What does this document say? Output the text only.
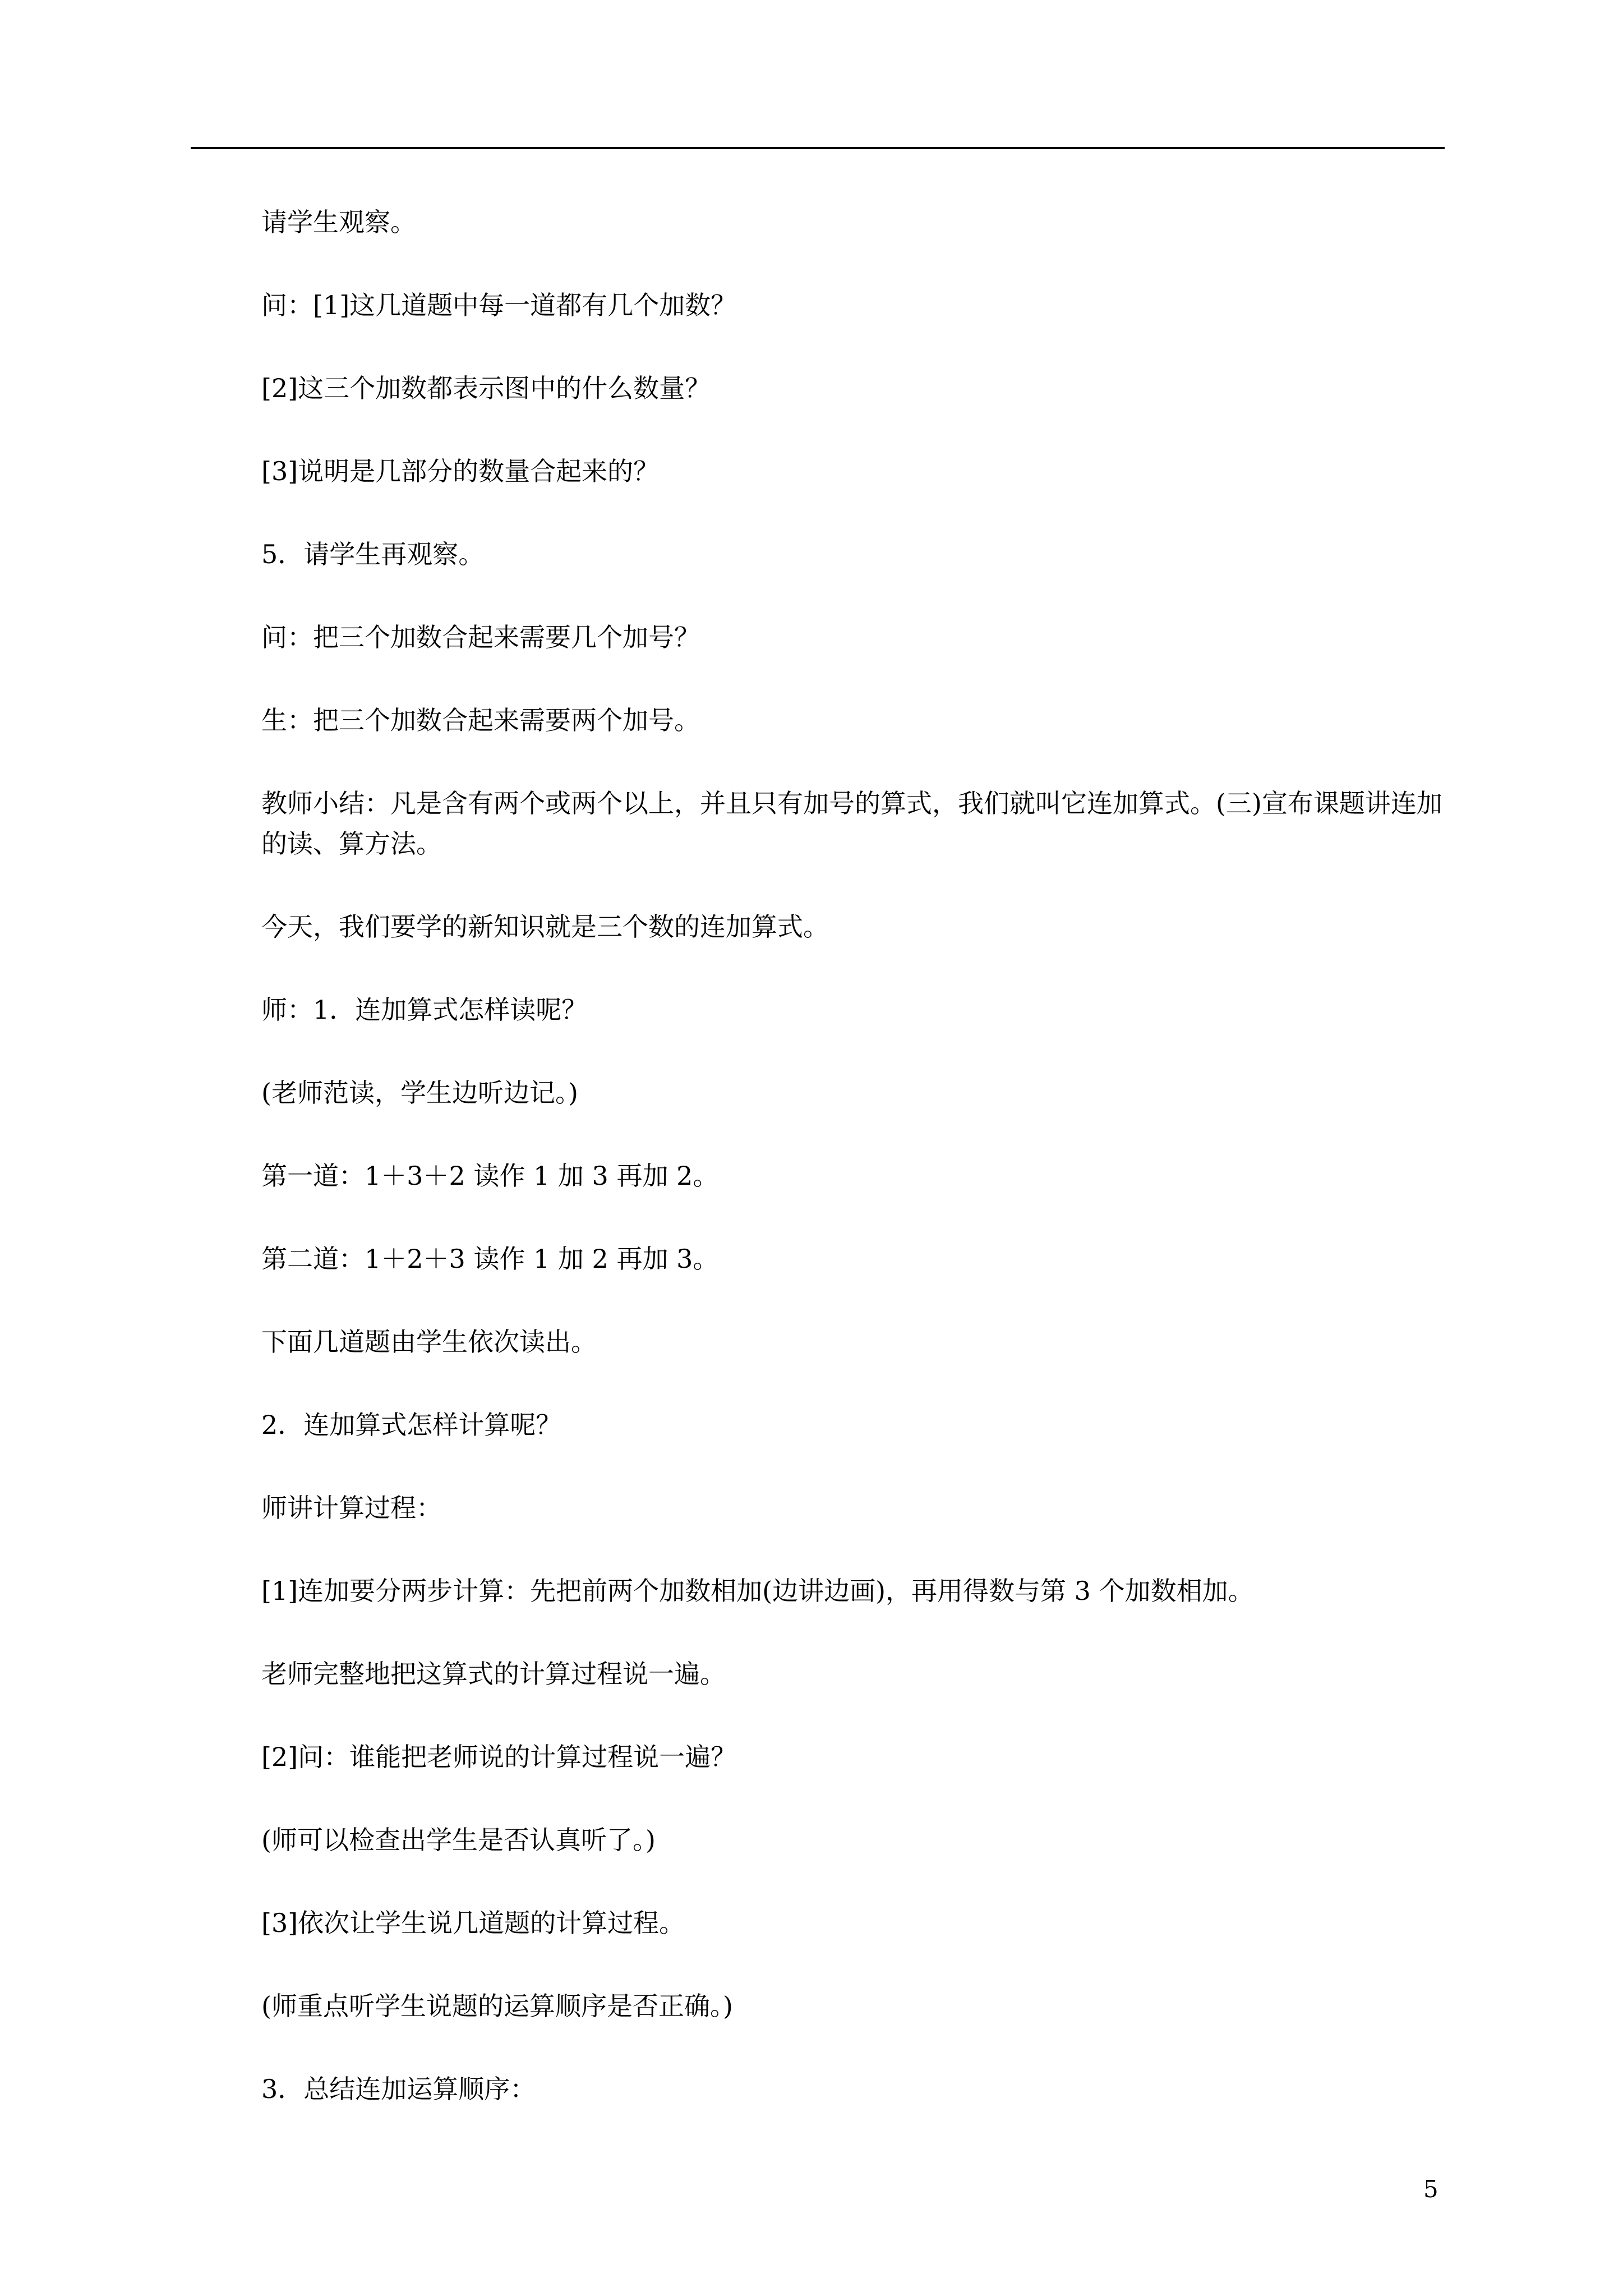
请学生观察。

问：[1]这几道题中每一道都有几个加数？

[2]这三个加数都表示图中的什么数量？

[3]说明是几部分的数量合起来的？

5．请学生再观察。

问：把三个加数合起来需要几个加号？

生：把三个加数合起来需要两个加号。

教师小结：凡是含有两个或两个以上，并且只有加号的算式，我们就叫它连加算式。(三)宣布课题讲连加的读、算方法。

今天，我们要学的新知识就是三个数的连加算式。

师：1．连加算式怎样读呢？

(老师范读，学生边听边记。)

第一道：1＋3＋2 读作 1 加 3 再加 2。

第二道：1＋2＋3 读作 1 加 2 再加 3。

下面几道题由学生依次读出。

2．连加算式怎样计算呢？

师讲计算过程：

[1]连加要分两步计算：先把前两个加数相加(边讲边画)，再用得数与第 3 个加数相加。

老师完整地把这算式的计算过程说一遍。

[2]问：谁能把老师说的计算过程说一遍？

(师可以检查出学生是否认真听了。)

[3]依次让学生说几道题的计算过程。

(师重点听学生说题的运算顺序是否正确。)

3．总结连加运算顺序：

5
